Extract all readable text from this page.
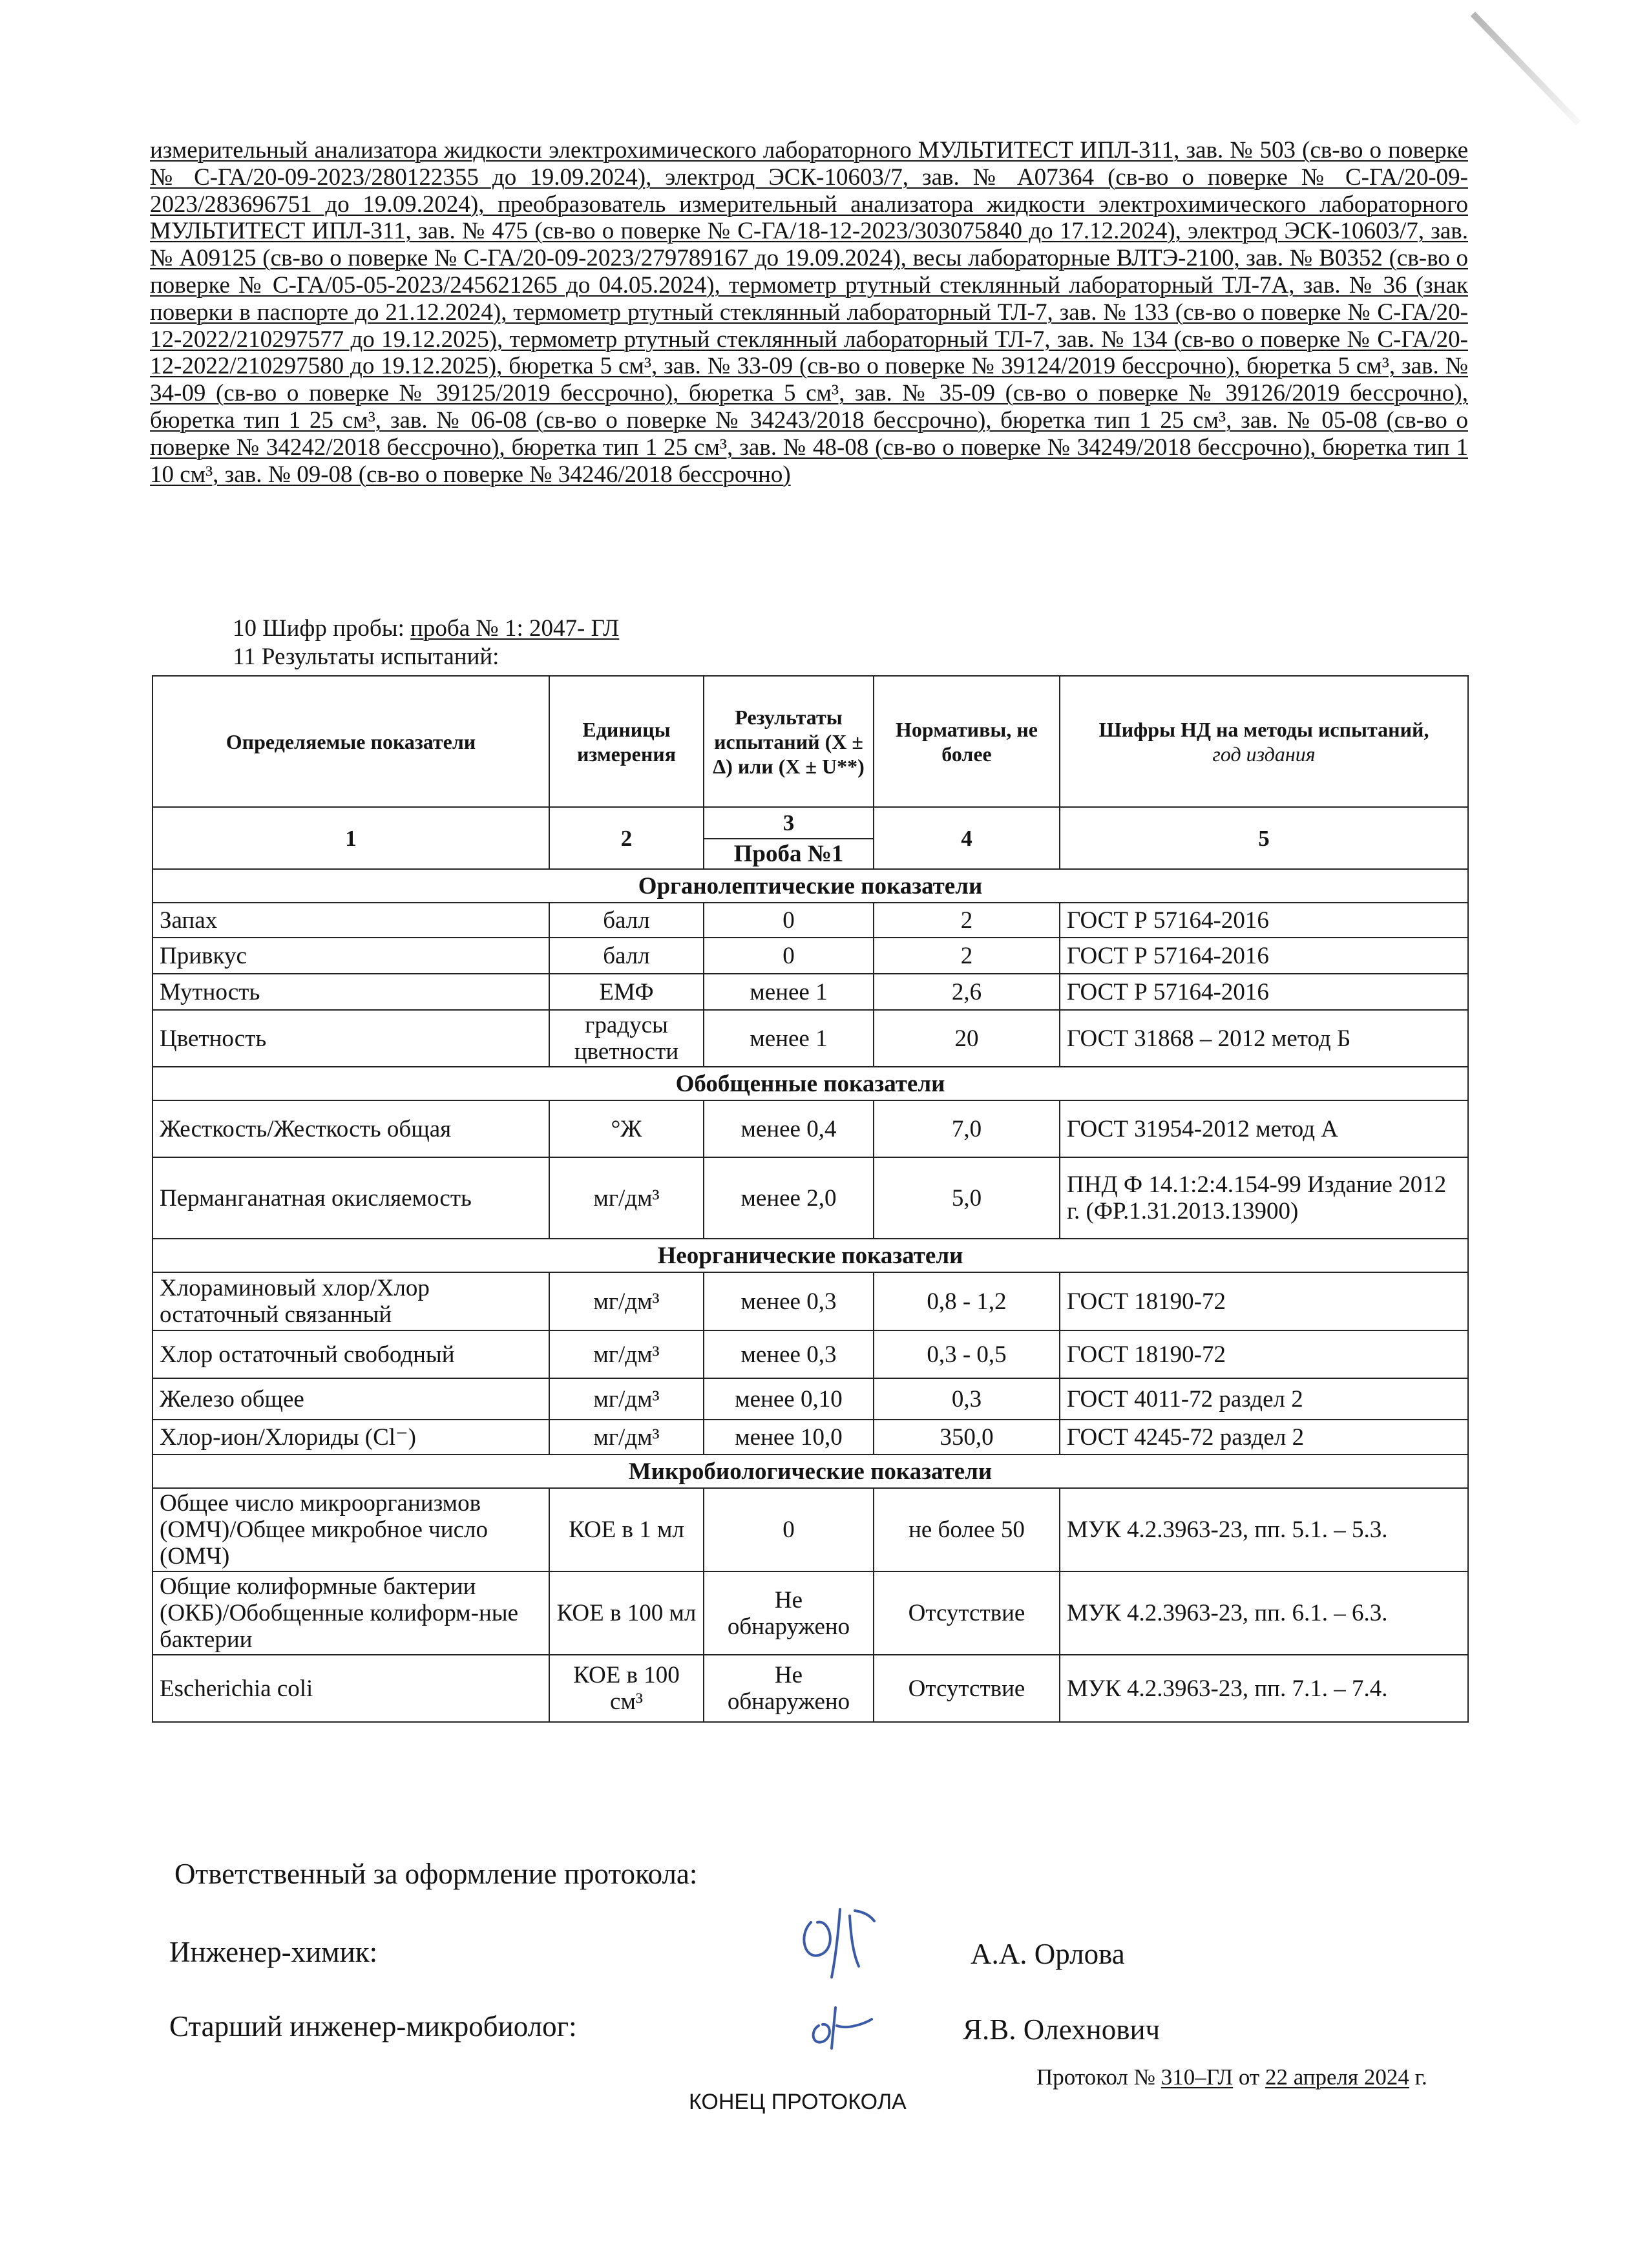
измерительный анализатора жидкости электрохимического лабораторного МУЛЬТИТЕСТ ИПЛ-311, зав. № 503 (св-во о поверке № С-ГА/20-09-2023/280122355 до 19.09.2024), электрод ЭСК-10603/7, зав. № А07364 (св-во о поверке № С-ГА/20-09-2023/283696751 до 19.09.2024), преобразователь измерительный анализатора жидкости электрохимического лабораторного МУЛЬТИТЕСТ ИПЛ-311, зав. № 475 (св-во о поверке № С-ГА/18-12-2023/303075840 до 17.12.2024), электрод ЭСК-10603/7, зав. № А09125 (св-во о поверке № С-ГА/20-09-2023/279789167 до 19.09.2024), весы лабораторные ВЛТЭ-2100, зав. № В0352 (св-во о поверке № С-ГА/05-05-2023/245621265 до 04.05.2024), термометр ртутный стеклянный лабораторный ТЛ-7А, зав. № 36 (знак поверки в паспорте до 21.12.2024), термометр ртутный стеклянный лабораторный ТЛ-7, зав. № 133 (св-во о поверке № С-ГА/20-12-2022/210297577 до 19.12.2025), термометр ртутный стеклянный лабораторный ТЛ-7, зав. № 134 (св-во о поверке № С-ГА/20-12-2022/210297580 до 19.12.2025), бюретка 5 см³, зав. № 33-09 (св-во о поверке № 39124/2019 бессрочно), бюретка 5 см³, зав. № 34-09 (св-во о поверке № 39125/2019 бессрочно), бюретка 5 см³, зав. № 35-09 (св-во о поверке № 39126/2019 бессрочно), бюретка тип 1 25 см³, зав. № 06-08 (св-во о поверке № 34243/2018 бессрочно), бюретка тип 1 25 см³, зав. № 05-08 (св-во о поверке № 34242/2018 бессрочно), бюретка тип 1 25 см³, зав. № 48-08 (св-во о поверке № 34249/2018 бессрочно), бюретка тип 1 10 см³, зав. № 09-08 (св-во о поверке № 34246/2018 бессрочно)
10 Шифр пробы: проба № 1: 2047- ГЛ
11 Результаты испытаний:
Определяемые показатели	Единицы измерения	Результаты испытаний (X ± Δ) или (X ± U**)	Нормативы, не более	Шифры НД на методы испытаний,
год издания
1	2	3	4	5
		Проба №1		
Органолептические показатели				
Запах	балл	0	2	ГОСТ Р 57164-2016
Привкус	балл	0	2	ГОСТ Р 57164-2016
Мутность	ЕМФ	менее 1	2,6	ГОСТ Р 57164-2016
Цветность	градусы цветности	менее 1	20	ГОСТ 31868 – 2012 метод Б
Обобщенные показатели				
Жесткость/Жесткость общая	°Ж	менее 0,4	7,0	ГОСТ 31954-2012 метод А
Перманганатная окисляемость	мг/дм³	менее 2,0	5,0	ПНД Ф 14.1:2:4.154-99 Издание 2012 г. (ФР.1.31.2013.13900)
Неорганические показатели				
Хлораминовый хлор/Хлор остаточный связанный	мг/дм³	менее 0,3	0,8 - 1,2	ГОСТ 18190-72
Хлор остаточный свободный	мг/дм³	менее 0,3	0,3 - 0,5	ГОСТ 18190-72
Железо общее	мг/дм³	менее 0,10	0,3	ГОСТ 4011-72 раздел 2
Хлор-ион/Хлориды (Cl⁻)	мг/дм³	менее 10,0	350,0	ГОСТ 4245-72 раздел 2
Микробиологические показатели				
Общее число микроорганизмов (ОМЧ)/Общее микробное число (ОМЧ)	КОЕ в 1 мл	0	не более 50	МУК 4.2.3963-23, пп. 5.1. – 5.3.
Общие колиформные бактерии (ОКБ)/Обобщенные колиформ-ные бактерии	КОЕ в 100 мл	Не обнаружено	Отсутствие	МУК 4.2.3963-23, пп. 6.1. – 6.3.
Escherichia coli	КОЕ в 100 см³	Не обнаружено	Отсутствие	МУК 4.2.3963-23, пп. 7.1. – 7.4.
Ответственный за оформление протокола:
Инженер-химик:	А.А. Орлова
Старший инженер-микробиолог:	Я.В. Олехнович
КОНЕЦ ПРОТОКОЛА
Протокол № 310–ГЛ от 22 апреля 2024 г.
